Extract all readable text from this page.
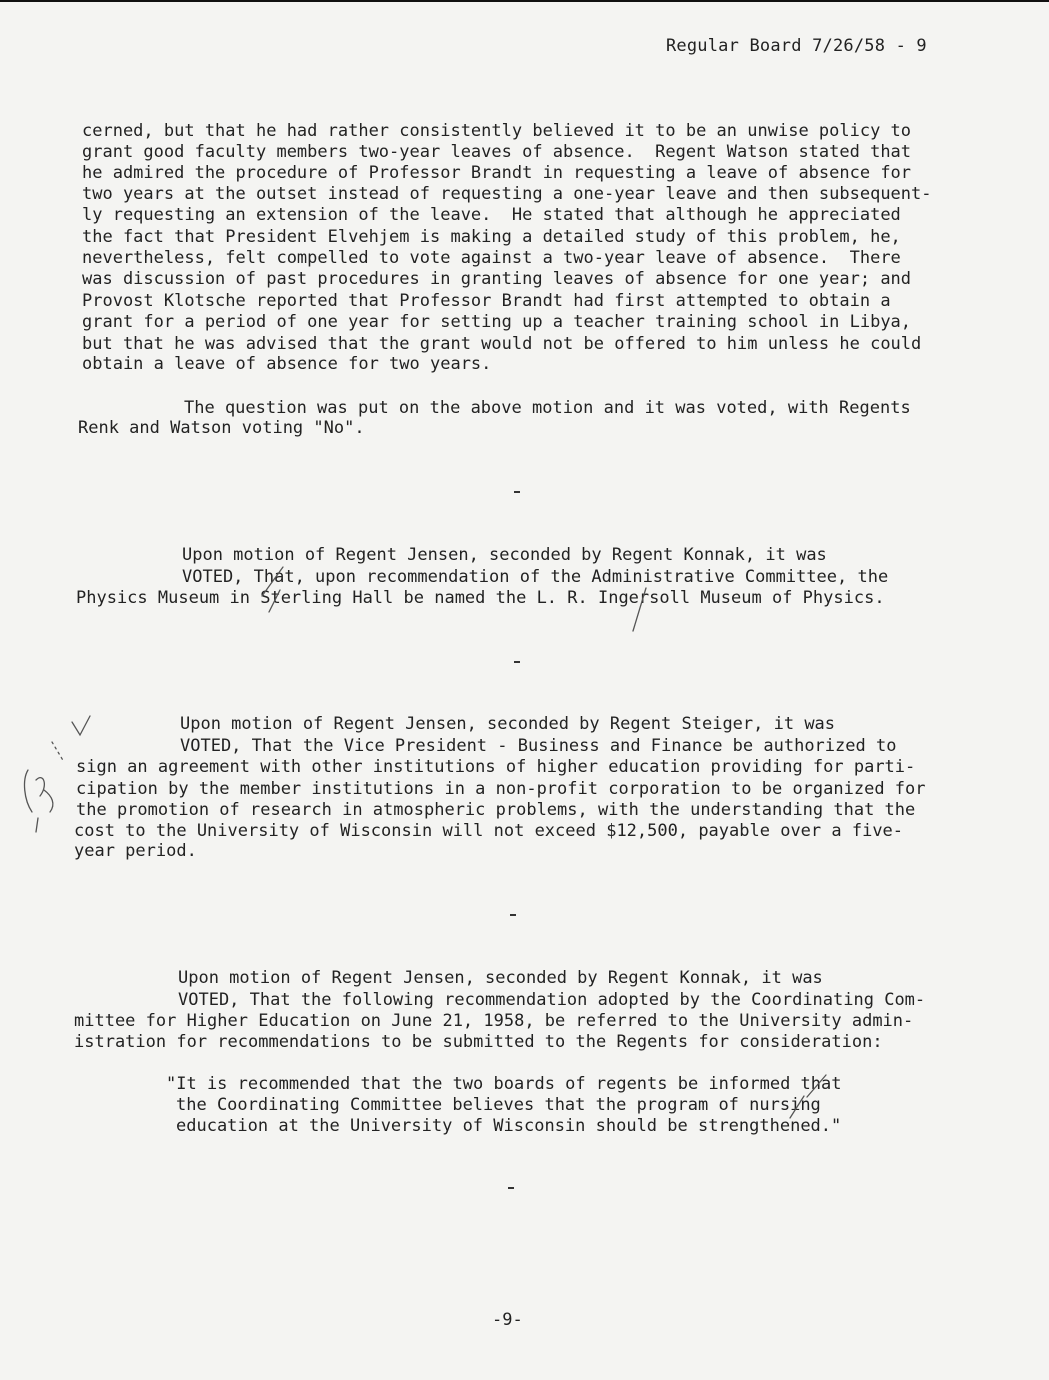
Regular Board 7/26/58 - 9
cerned, but that he had rather consistently believed it to be an unwise policy to
grant good faculty members two-year leaves of absence.  Regent Watson stated that
he admired the procedure of Professor Brandt in requesting a leave of absence for
two years at the outset instead of requesting a one-year leave and then subsequent-
ly requesting an extension of the leave.  He stated that although he appreciated
the fact that President Elvehjem is making a detailed study of this problem, he,
nevertheless, felt compelled to vote against a two-year leave of absence.  There
was discussion of past procedures in granting leaves of absence for one year; and
Provost Klotsche reported that Professor Brandt had first attempted to obtain a
grant for a period of one year for setting up a teacher training school in Libya,
but that he was advised that the grant would not be offered to him unless he could
obtain a leave of absence for two years.
The question was put on the above motion and it was voted, with Regents
Renk and Watson voting "No".
Upon motion of Regent Jensen, seconded by Regent Konnak, it was
VOTED, That, upon recommendation of the Administrative Committee, the
Physics Museum in Sterling Hall be named the L. R. Ingersoll Museum of Physics.
Upon motion of Regent Jensen, seconded by Regent Steiger, it was
VOTED, That the Vice President - Business and Finance be authorized to
sign an agreement with other institutions of higher education providing for parti-
cipation by the member institutions in a non-profit corporation to be organized for
the promotion of research in atmospheric problems, with the understanding that the
cost to the University of Wisconsin will not exceed $12,500, payable over a five-
year period.
Upon motion of Regent Jensen, seconded by Regent Konnak, it was
VOTED, That the following recommendation adopted by the Coordinating Com-
mittee for Higher Education on June 21, 1958, be referred to the University admin-
istration for recommendations to be submitted to the Regents for consideration:
"It is recommended that the two boards of regents be informed that
the Coordinating Committee believes that the program of nursing
education at the University of Wisconsin should be strengthened."
-9-
